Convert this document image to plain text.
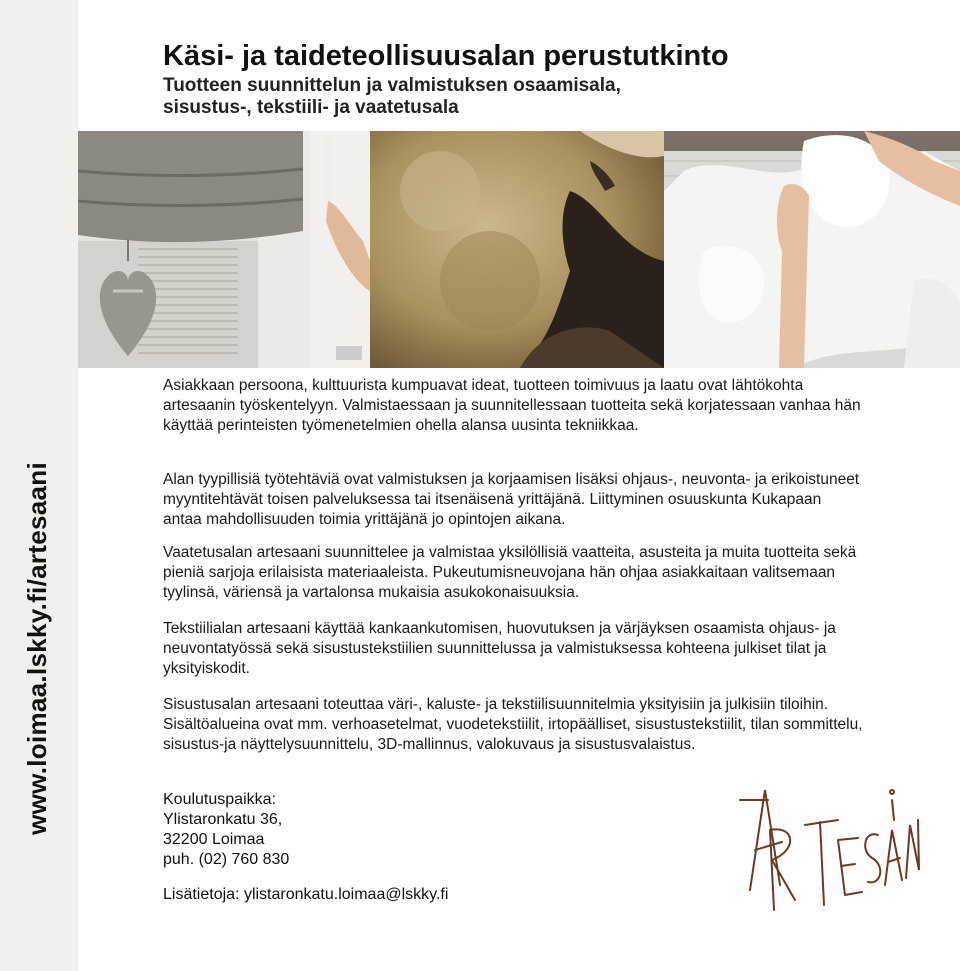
www.loimaa.lskky.fi/artesaani
Käsi- ja taideteollisuusalan perustutkinto
Tuotteen suunnittelun ja valmistuksen osaamisala,
sisustus-, tekstiili- ja vaatetusala
Asiakkaan persoona, kulttuurista kumpuavat ideat, tuotteen toimivuus ja laatu ovat lähtökohta artesaanin työskentelyyn. Valmistaessaan ja suunnitellessaan tuotteita sekä korjatessaan vanhaa hän käyttää perinteisten työmenetelmien ohella alansa uusinta tekniikkaa.
Alan tyypillisiä työtehtäviä ovat valmistuksen ja korjaamisen lisäksi ohjaus-, neuvonta- ja erikoistuneet myyntitehtävät toisen palveluksessa tai itsenäisenä yrittäjänä. Liittyminen osuuskunta Kukapaan antaa mahdollisuuden toimia yrittäjänä jo opintojen aikana.
Vaatetusalan artesaani suunnittelee ja valmistaa yksilöllisiä vaatteita, asusteita ja muita tuotteita sekä pieniä sarjoja erilaisista materiaaleista. Pukeutumisneuvojana hän ohjaa asiakkaitaan valitsemaan tyylinsä, väriensä ja vartalonsa mukaisia asukokonaisuuksia.
Tekstiilialan artesaani käyttää kankaankutomisen, huovutuksen ja värjäyksen osaamista ohjaus- ja neuvontatyössä sekä sisustustekstiilien suunnittelussa ja valmistuksessa kohteena julkiset tilat ja yksityiskodit.
Sisustusalan artesaani toteuttaa väri-, kaluste- ja tekstiilisuunnitelmia yksityisiin ja julkisiin tiloihin. Sisältöalueina ovat mm. verhoasetelmat, vuodetekstiilit, irtopäälliset, sisustustekstiilit, tilan sommittelu, sisustus-ja näyttelysuunnittelu, 3D-mallinnus, valokuvaus ja sisustusvalaistus.
Koulutuspaikka:
Ylistaronkatu 36,
32200 Loimaa
puh. (02) 760 830
Lisätietoja: ylistaronkatu.loimaa@lskky.fi
